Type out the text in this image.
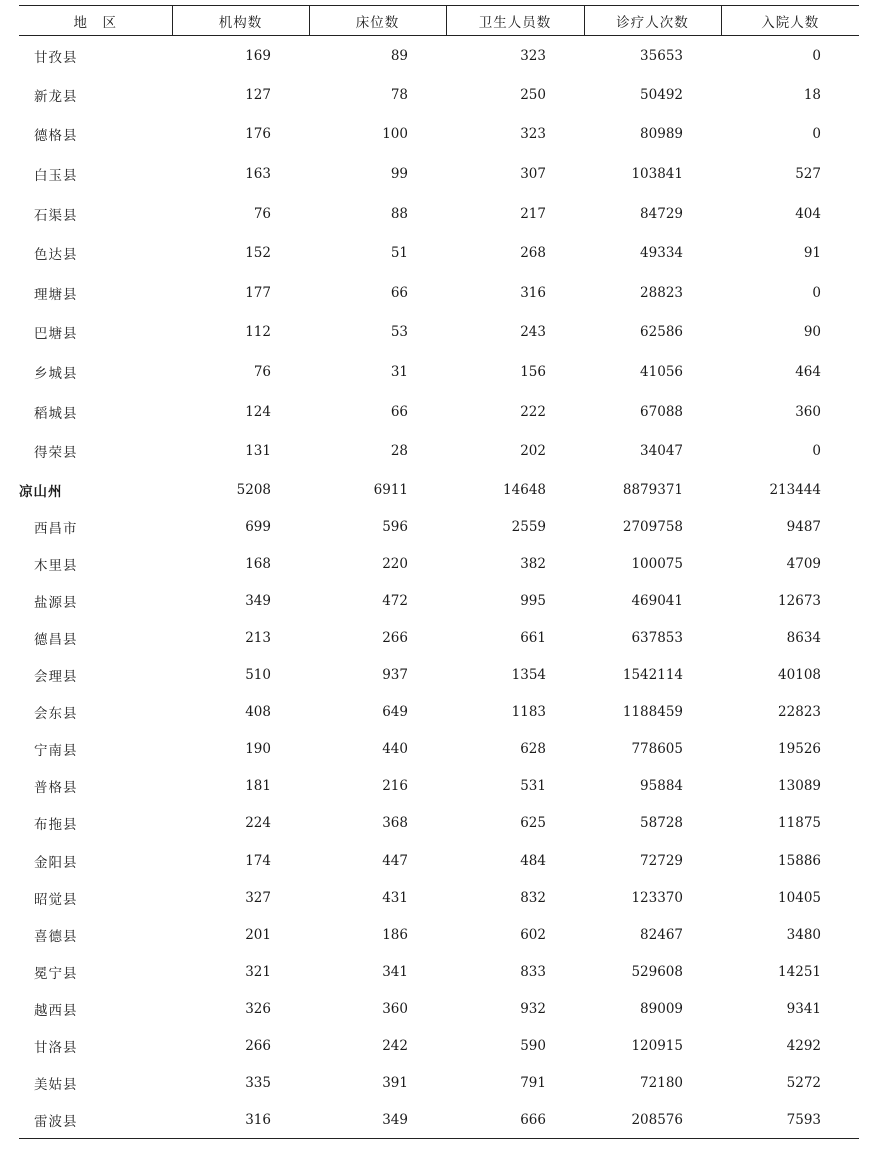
地　区	机构数	床位数	卫生人员数	诊疗人次数	入院人数
甘孜县	169	89	323	35653	0
新龙县	127	78	250	50492	18
德格县	176	100	323	80989	0
白玉县	163	99	307	103841	527
石渠县	76	88	217	84729	404
色达县	152	51	268	49334	91
理塘县	177	66	316	28823	0
巴塘县	112	53	243	62586	90
乡城县	76	31	156	41056	464
稻城县	124	66	222	67088	360
得荣县	131	28	202	34047	0
凉山州	5208	6911	14648	8879371	213444
西昌市	699	596	2559	2709758	9487
木里县	168	220	382	100075	4709
盐源县	349	472	995	469041	12673
德昌县	213	266	661	637853	8634
会理县	510	937	1354	1542114	40108
会东县	408	649	1183	1188459	22823
宁南县	190	440	628	778605	19526
普格县	181	216	531	95884	13089
布拖县	224	368	625	58728	11875
金阳县	174	447	484	72729	15886
昭觉县	327	431	832	123370	10405
喜德县	201	186	602	82467	3480
冕宁县	321	341	833	529608	14251
越西县	326	360	932	89009	9341
甘洛县	266	242	590	120915	4292
美姑县	335	391	791	72180	5272
雷波县	316	349	666	208576	7593
